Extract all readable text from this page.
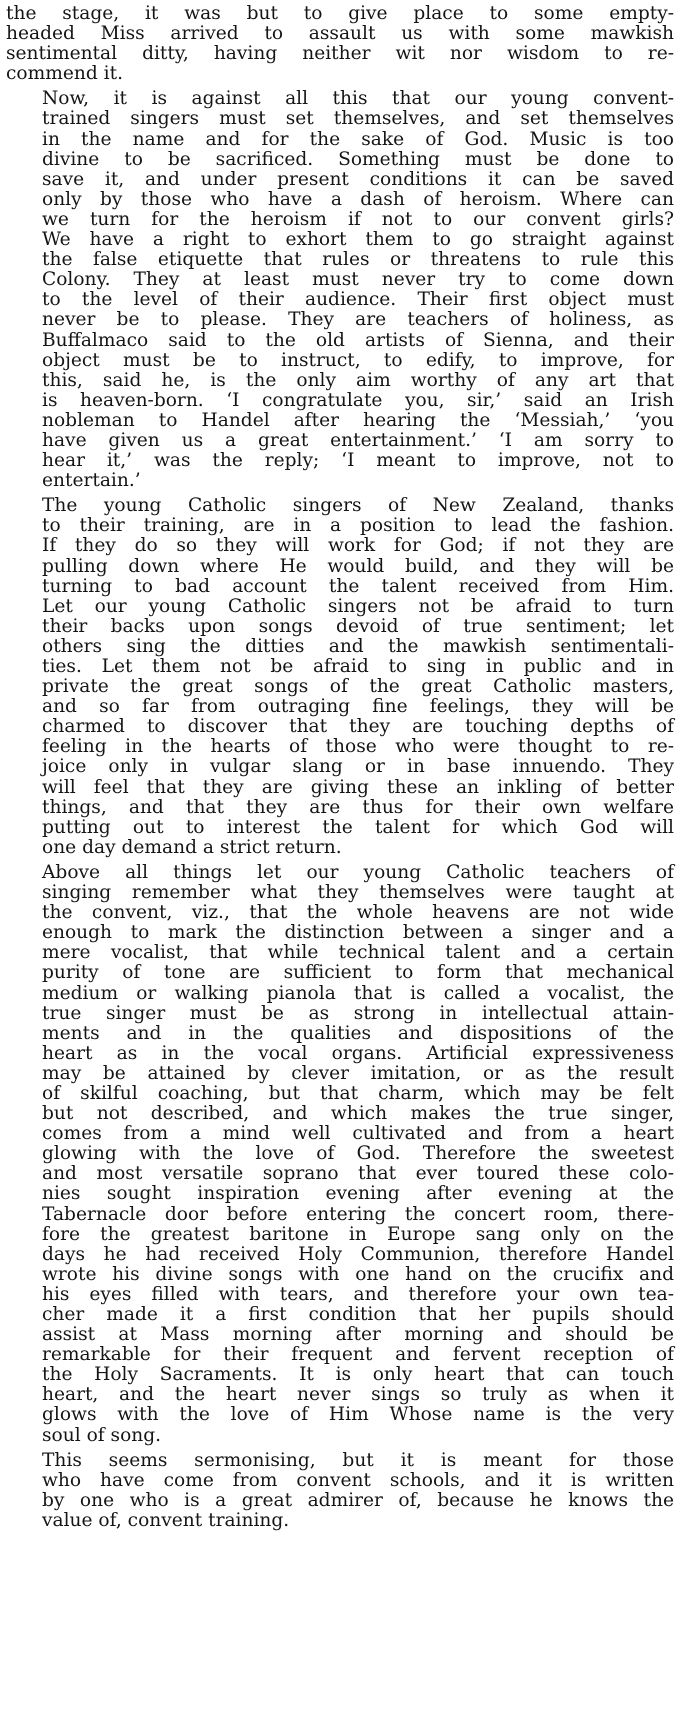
the stage, it was but to give place to some empty-
headed Miss arrived to assault us with some mawkish
sentimental ditty, having neither wit nor wisdom to re-
commend it.

Now, it is against all this that our young convent-
trained singers must set themselves, and set themselves
in the name and for the sake of God. Music is too
divine to be sacrificed. Something must be done to
save it, and under present conditions it can be saved
only by those who have a dash of heroism. Where can
we turn for the heroism if not to our convent girls?
We have a right to exhort them to go straight against
the false etiquette that rules or threatens to rule this
Colony. They at least must never try to come down
to the level of their audience. Their first object must
never be to please. They are teachers of holiness, as
Buffalmaco said to the old artists of Sienna, and their
object must be to instruct, to edify, to improve, for
this, said he, is the only aim worthy of any art that
is heaven-born. ‘I congratulate you, sir,’ said an Irish
nobleman to Handel after hearing the ‘Messiah,’ ‘you
have given us a great entertainment.’ ‘I am sorry to
hear it,’ was the reply; ‘I meant to improve, not to
entertain.’

The young Catholic singers of New Zealand, thanks
to their training, are in a position to lead the fashion.
If they do so they will work for God; if not they are
pulling down where He would build, and they will be
turning to bad account the talent received from Him.
Let our young Catholic singers not be afraid to turn
their backs upon songs devoid of true sentiment; let
others sing the ditties and the mawkish sentimentali-
ties. Let them not be afraid to sing in public and in
private the great songs of the great Catholic masters,
and so far from outraging fine feelings, they will be
charmed to discover that they are touching depths of
feeling in the hearts of those who were thought to re-
joice only in vulgar slang or in base innuendo. They
will feel that they are giving these an inkling of better
things, and that they are thus for their own welfare
putting out to interest the talent for which God will
one day demand a strict return.

Above all things let our young Catholic teachers of
singing remember what they themselves were taught at
the convent, viz., that the whole heavens are not wide
enough to mark the distinction between a singer and a
mere vocalist, that while technical talent and a certain
purity of tone are sufficient to form that mechanical
medium or walking pianola that is called a vocalist, the
true singer must be as strong in intellectual attain-
ments and in the qualities and dispositions of the
heart as in the vocal organs. Artificial expressiveness
may be attained by clever imitation, or as the result
of skilful coaching, but that charm, which may be felt
but not described, and which makes the true singer,
comes from a mind well cultivated and from a heart
glowing with the love of God. Therefore the sweetest
and most versatile soprano that ever toured these colo-
nies sought inspiration evening after evening at the
Tabernacle door before entering the concert room, there-
fore the greatest baritone in Europe sang only on the
days he had received Holy Communion, therefore Handel
wrote his divine songs with one hand on the crucifix and
his eyes filled with tears, and therefore your own tea-
cher made it a first condition that her pupils should
assist at Mass morning after morning and should be
remarkable for their frequent and fervent reception of
the Holy Sacraments. It is only heart that can touch
heart, and the heart never sings so truly as when it
glows with the love of Him Whose name is the very
soul of song.

This seems sermonising, but it is meant for those
who have come from convent schools, and it is written
by one who is a great admirer of, because he knows the
value of, convent training.
